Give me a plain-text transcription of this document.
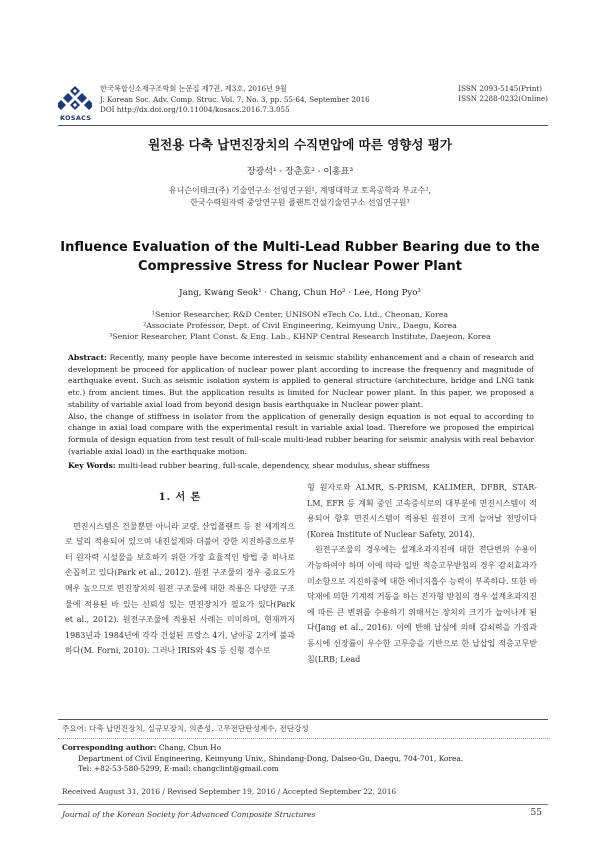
KOSACS
한국복합신소재구조학회 논문집 제7권, 제3호, 2016년 9월
J. Korean Soc. Adv. Comp. Struc. Vol. 7, No. 3, pp. 55-64, September 2016
DOI http://dx.doi.org/10.11004/kosacs.2016.7.3.055
ISSN 2093-5145(Print)
ISSN 2288-0232(Online)
원전용 다축 납면진장치의 수직면압에 따른 영향성 평가
장광석¹ · 장춘호² · 이홍표³
유니슨이테크(주) 기술연구소 선임연구원¹, 계명대학교 토목공학과 부교수²,
한국수력원자력 중앙연구원 플랜트건설기술연구소 선임연구원³
Influence Evaluation of the Multi-Lead Rubber Bearing due to the Compressive Stress for Nuclear Power Plant
Jang, Kwang Seok¹ · Chang, Chun Ho² · Lee, Hong Pyo³
¹Senior Researcher, R&D Center, UNISON eTech Co. Ltd., Cheonan, Korea
²Associate Professor, Dept. of Civil Engineering, Keimyung Univ., Daegu, Korea
³Senior Researcher, Plant Const. & Eng. Lab., KHNP Central Research Institute, Daejeon, Korea
Abstract: Recently, many people have become interested in seismic stability enhancement and a chain of research and development be proceed for application of nuclear power plant according to increase the frequency and magnitude of earthquake event. Such as seismic isolation system is applied to general structure (architecture, bridge and LNG tank etc.) from ancient times. But the application results is limited for Nuclear power plant. In this paper, we proposed a stability of variable axial load from beyond design basis earthquake in Nuclear power plant.
Also, the change of stiffness in isolator from the application of generally design equation is not equal to according to change in axial load compare with the experimental result in variable axial load. Therefore we proposed the empirical formula of design equation from test result of full-scale multi-lead rubber bearing for seismic analysis with real behavior (variable axial load) in the earthquake motion.
Key Words: multi-lead rubber bearing, full-scale, dependency, shear modulus, shear stiffness
1. 서 론

면진시스템은 건물뿐만 아니라 교량, 산업플랜트 등 전 세계적으로 널리 적용되어 있으며 내진설계와 더불어 강한 지진하중으로부터 원자력 시설물을 보호하기 위한 가장 효율적인 방법 중 하나로 손꼽히고 있다(Park et al., 2012). 원전 구조물의 경우 중요도가 매우 높으므로 면진장치의 원전 구조물에 대한 적용은 다양한 구조물에 적용된 바 있는 신뢰성 있는 면진장치가 필요가 있다(Park et al., 2012). 원전구조물에 적용된 사례는 미미하며, 현재까지 1983년과 1984년에 각각 건설된 프랑스 4기, 남아공 2기에 불과하다(M. Forni, 2010). 그러나 IRIS와 4S 등 신형 경수로

형 원자로와 ALMR, S-PRISM, KALIMER, DFBR, STAR-LM, EFR 등 계획 중인 고속증식로의 대부분에 면진시스템이 적용되어 향후 면진시스템이 적용된 원전이 크게 늘어날 전망이다(Korea Institute of Nuclear Safety, 2014).

원전구조물의 경우에는 설계초과지진에 대한 전단변위 수용이 가능하여야 하며 이에 따라 일반 적층고무받침의 경우 감쇠효과가 미소함으로 지진하중에 대한 에너지흡수 능력이 부족하다. 또한 바닥재에 의한 기계적 거동을 하는 진자형 받침의 경우 설계초과지진에 따른 큰 변위를 수용하기 위해서는 장치의 크기가 늘어나게 된다(Jang et al., 2016). 이에 반해 납심에 의해 감쇠력을 가짐과 동시에 신장률이 우수한 고무층을 기반으로 한 납삽입 적층고무받침(LRB; Lead

주요어: 다축 납면진장치, 실규모장치, 의존성, 고무전단탄성계수, 전단강성
Corresponding author: Chang, Chun Ho
Department of Civil Engineering, Keimyung Univ., Shindang-Dong, Dalseo-Gu, Daegu, 704-701, Korea.
Tel: +82-53-580-5299, E-mail: changclint@gmail.com
Received August 31, 2016 / Revised September 19, 2016 / Accepted September 22, 2016
Journal of the Korean Society for Advanced Composite Structures	55
